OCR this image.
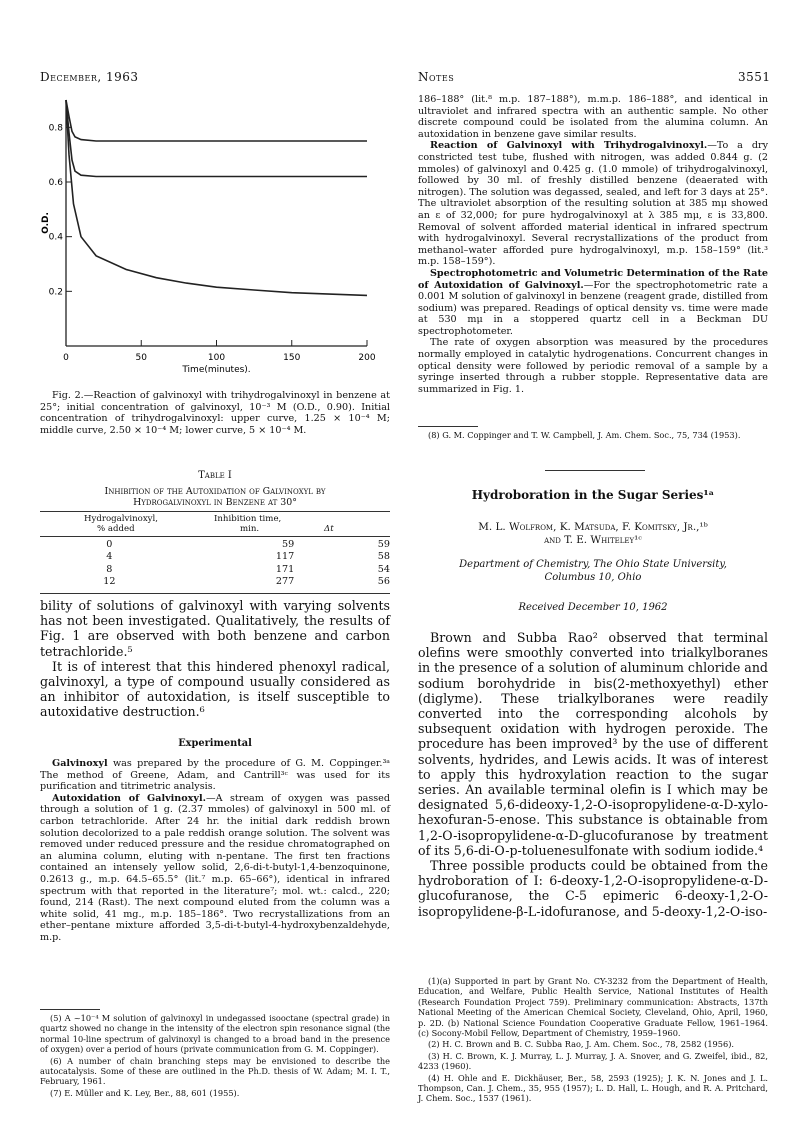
December, 1963	Notes	3551
0	50	100	150	200
0.2
0.4
0.6
0.8
O.D.
Time(minutes).

Fig. 2.—Reaction of galvinoxyl with trihydrogalvinoxyl in benzene at 25°; initial concentration of galvinoxyl, 10⁻³ M (O.D., 0.90). Initial concentration of trihydrogalvinoxyl: upper curve, 1.25 × 10⁻⁴ M; middle curve, 2.50 × 10⁻⁴ M; lower curve, 5 × 10⁻⁴ M.

Table I
Inhibition of the Autoxidation of Galvinoxyl by
Hydrogalvinoxyl in Benzene at 30°
Hydrogalvinoxyl,
% added
Inhibition time,
min.	Δt
0	59	59
4	117	58
8	171	54
12	277	56

bility of solutions of galvinoxyl with varying solvents has not been investigated. Qualitatively, the results of Fig. 1 are observed with both benzene and carbon tetrachloride.⁵

It is of interest that this hindered phenoxyl radical, galvinoxyl, a type of compound usually considered as an inhibitor of autoxidation, is itself susceptible to autoxidative destruction.⁶

Experimental

Galvinoxyl was prepared by the procedure of G. M. Coppinger.³ᵃ The method of Greene, Adam, and Cantrill³ᶜ was used for its purification and titrimetric analysis.

Autoxidation of Galvinoxyl.—A stream of oxygen was passed through a solution of 1 g. (2.37 mmoles) of galvinoxyl in 500 ml. of carbon tetrachloride. After 24 hr. the initial dark reddish brown solution decolorized to a pale reddish orange solution. The solvent was removed under reduced pressure and the residue chromatographed on an alumina column, eluting with n-pentane. The first ten fractions contained an intensely yellow solid, 2,6-di-t-butyl-1,4-benzoquinone, 0.2613 g., m.p. 64.5–65.5° (lit.⁷ m.p. 65–66°), identical in infrared spectrum with that reported in the literature⁷; mol. wt.: calcd., 220; found, 214 (Rast). The next compound eluted from the column was a white solid, 41 mg., m.p. 185–186°. Two recrystallizations from an ether–pentane mixture afforded 3,5-di-t-butyl-4-hydroxybenzaldehyde, m.p.

(5) A ~10⁻⁴ M solution of galvinoxyl in undegassed isooctane (spectral grade) in quartz showed no change in the intensity of the electron spin resonance signal (the normal 10-line spectrum of galvinoxyl is changed to a broad band in the presence of oxygen) over a period of hours (private communication from G. M. Coppinger).

(6) A number of chain branching steps may be envisioned to describe the autocatalysis. Some of these are outlined in the Ph.D. thesis of W. Adam; M. I. T., February, 1961.

(7) E. Müller and K. Ley, Ber., 88, 601 (1955).

186–188° (lit.⁸ m.p. 187–188°), m.m.p. 186–188°, and identical in ultraviolet and infrared spectra with an authentic sample. No other discrete compound could be isolated from the alumina column. An autoxidation in benzene gave similar results.

Reaction of Galvinoxyl with Trihydrogalvinoxyl.—To a dry constricted test tube, flushed with nitrogen, was added 0.844 g. (2 mmoles) of galvinoxyl and 0.425 g. (1.0 mmole) of trihydrogalvinoxyl, followed by 30 ml. of freshly distilled benzene (deaerated with nitrogen). The solution was degassed, sealed, and left for 3 days at 25°. The ultraviolet absorption of the resulting solution at 385 mμ showed an ε of 32,000; for pure hydrogalvinoxyl at λ 385 mμ, ε is 33,800. Removal of solvent afforded material identical in infrared spectrum with hydrogalvinoxyl. Several recrystallizations of the product from methanol–water afforded pure hydrogalvinoxyl, m.p. 158–159° (lit.³ m.p. 158–159°).

Spectrophotometric and Volumetric Determination of the Rate of Autoxidation of Galvinoxyl.—For the spectrophotometric rate a 0.001 M solution of galvinoxyl in benzene (reagent grade, distilled from sodium) was prepared. Readings of optical density vs. time were made at 530 mμ in a stoppered quartz cell in a Beckman DU spectrophotometer.

The rate of oxygen absorption was measured by the procedures normally employed in catalytic hydrogenations. Concurrent changes in optical density were followed by periodic removal of a sample by a syringe inserted through a rubber stopple. Representative data are summarized in Fig. 1.

(8) G. M. Coppinger and T. W. Campbell, J. Am. Chem. Soc., 75, 734 (1953).

Hydroboration in the Sugar Series¹ᵃ
M. L. Wolfrom, K. Matsuda, F. Komitsky, Jr.,¹ᵇ
and T. E. Whiteley¹ᶜ
Department of Chemistry, The Ohio State University,
Columbus 10, Ohio
Received December 10, 1962

Brown and Subba Rao² observed that terminal olefins were smoothly converted into trialkylboranes in the presence of a solution of aluminum chloride and sodium borohydride in bis(2-methoxyethyl) ether (diglyme). These trialkylboranes were readily converted into the corresponding alcohols by subsequent oxidation with hydrogen peroxide. The procedure has been improved³ by the use of different solvents, hydrides, and Lewis acids. It was of interest to apply this hydroxylation reaction to the sugar series. An available terminal olefin is I which may be designated 5,6-dideoxy-1,2-O-isopropylidene-α-D-xylo-hexofuran-5-enose. This substance is obtainable from 1,2-O-isopropylidene-α-D-glucofuranose by treatment of its 5,6-di-O-p-toluenesulfonate with sodium iodide.⁴

Three possible products could be obtained from the hydroboration of I: 6-deoxy-1,2-O-isopropylidene-α-D-glucofuranose, the C-5 epimeric 6-deoxy-1,2-O-isopropylidene-β-L-idofuranose, and 5-deoxy-1,2-O-iso-

(1)(a) Supported in part by Grant No. CY-3232 from the Department of Health, Education, and Welfare, Public Health Service, National Institutes of Health (Research Foundation Project 759). Preliminary communication: Abstracts, 137th National Meeting of the American Chemical Society, Cleveland, Ohio, April, 1960, p. 2D. (b) National Science Foundation Cooperative Graduate Fellow, 1961–1964. (c) Socony-Mobil Fellow, Department of Chemistry, 1959–1960.

(2) H. C. Brown and B. C. Subba Rao, J. Am. Chem. Soc., 78, 2582 (1956).

(3) H. C. Brown, K. J. Murray, L. J. Murray, J. A. Snover, and G. Zweifel, ibid., 82, 4233 (1960).

(4) H. Ohle and E. Dickhäuser, Ber., 58, 2593 (1925); J. K. N. Jones and J. L. Thompson, Can. J. Chem., 35, 955 (1957); L. D. Hall, L. Hough, and R. A. Pritchard, J. Chem. Soc., 1537 (1961).
